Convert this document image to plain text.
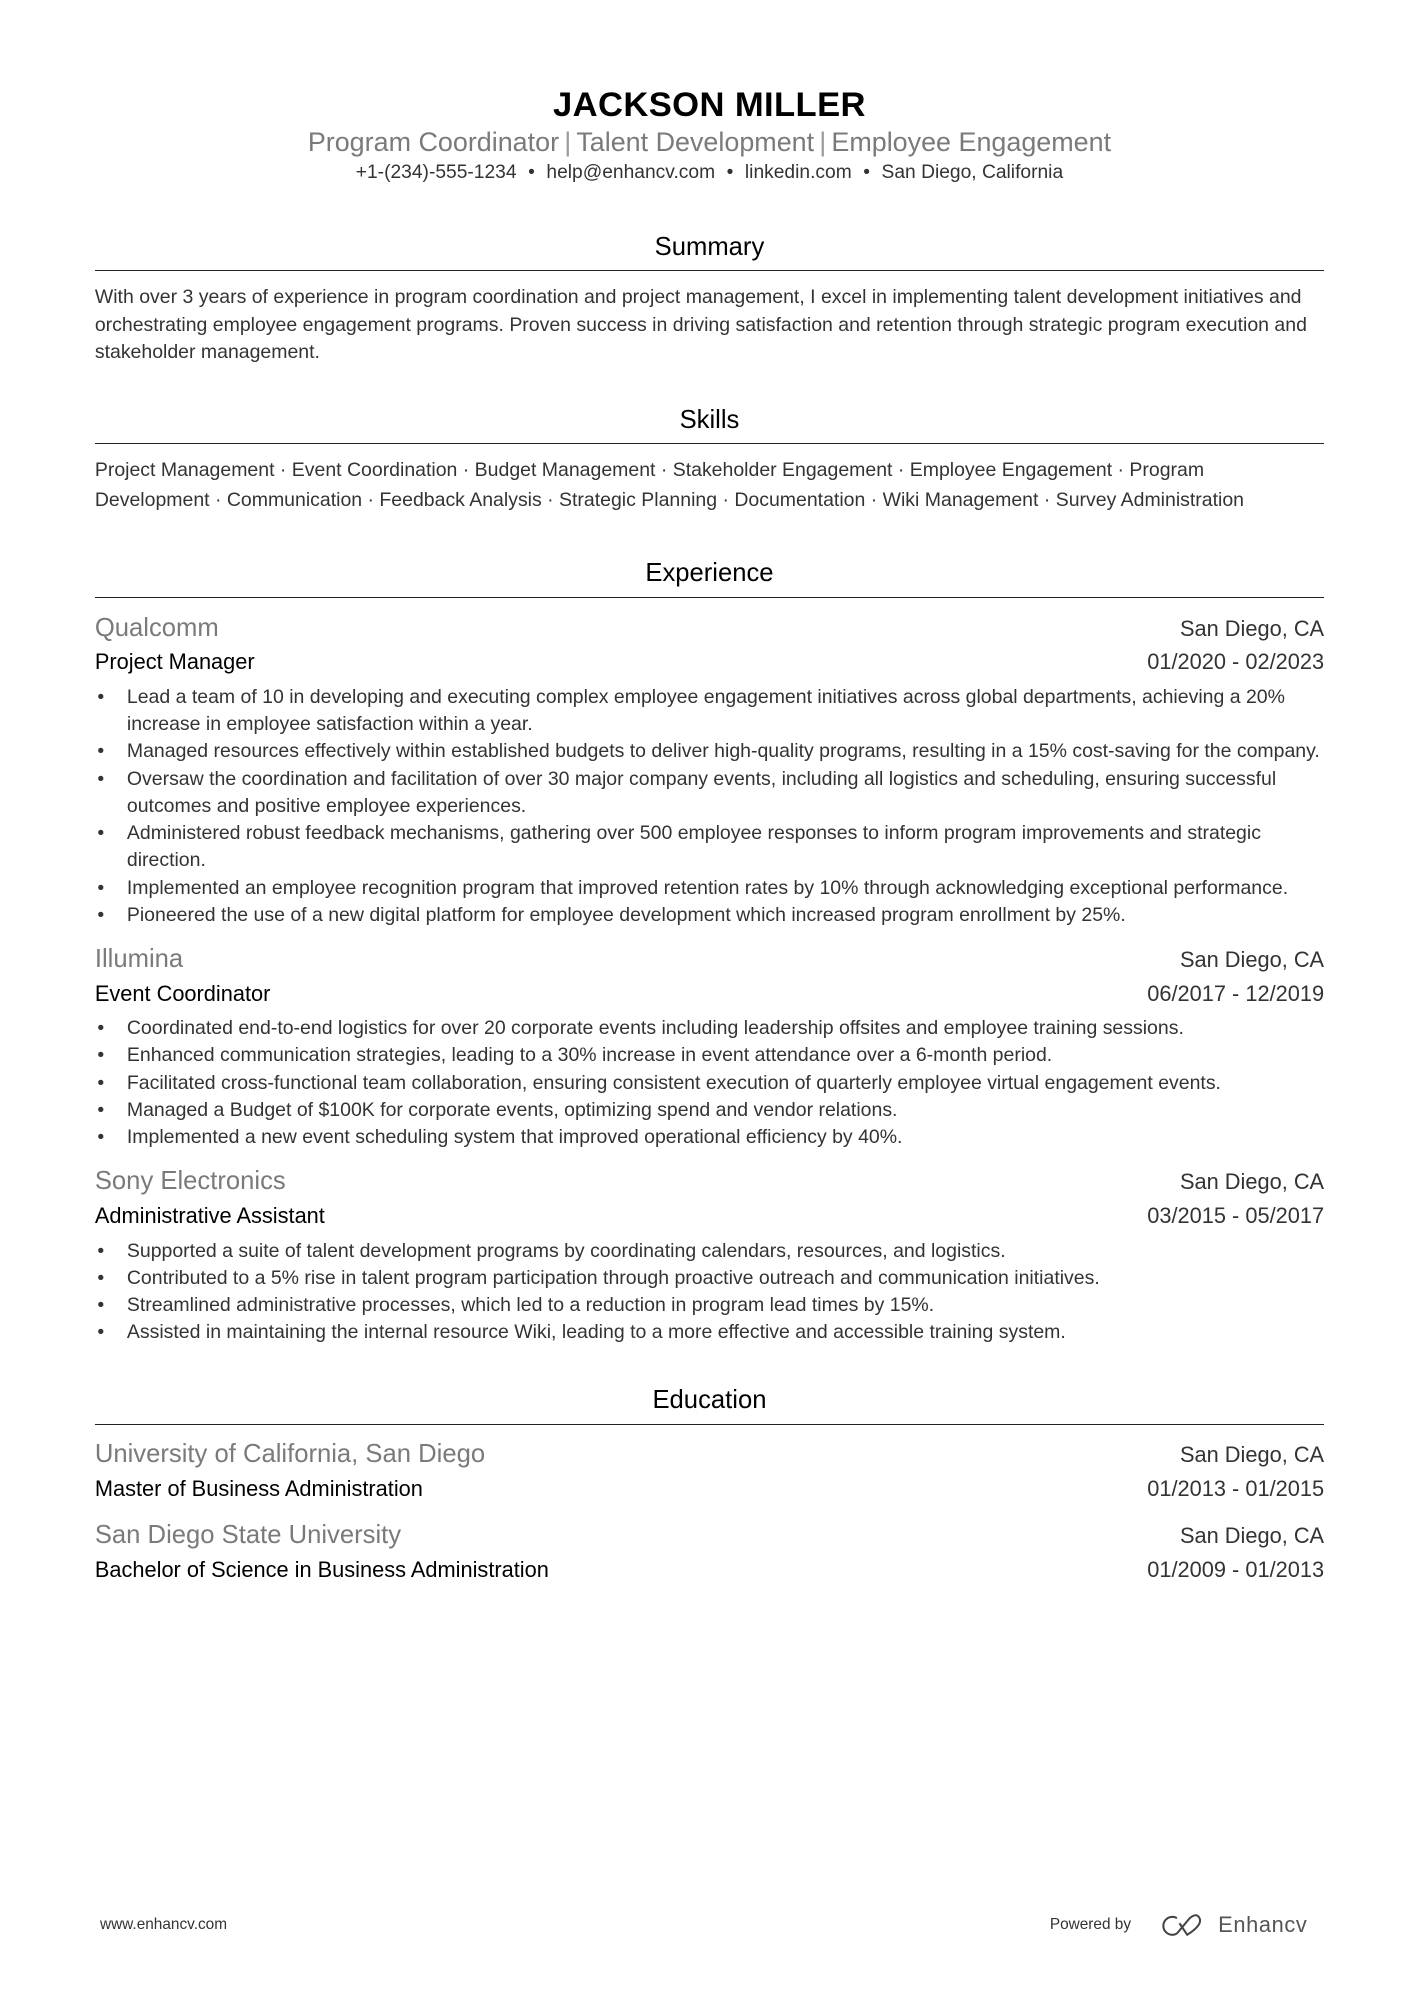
JACKSON MILLER
Program Coordinator | Talent Development | Employee Engagement
+1-(234)-555-1234 • help@enhancv.com • linkedin.com • San Diego, California
Summary
With over 3 years of experience in program coordination and project management, I excel in implementing talent development initiatives and orchestrating employee engagement programs. Proven success in driving satisfaction and retention through strategic program execution and stakeholder management.
Skills
Project Management · Event Coordination · Budget Management · Stakeholder Engagement · Employee Engagement · Program Development · Communication · Feedback Analysis · Strategic Planning · Documentation · Wiki Management · Survey Administration
Experience
Qualcomm	San Diego, CA
Project Manager	01/2020 - 02/2023
• Lead a team of 10 in developing and executing complex employee engagement initiatives across global departments, achieving a 20% increase in employee satisfaction within a year.
• Managed resources effectively within established budgets to deliver high-quality programs, resulting in a 15% cost-saving for the company.
• Oversaw the coordination and facilitation of over 30 major company events, including all logistics and scheduling, ensuring successful outcomes and positive employee experiences.
• Administered robust feedback mechanisms, gathering over 500 employee responses to inform program improvements and strategic direction.
• Implemented an employee recognition program that improved retention rates by 10% through acknowledging exceptional performance.
• Pioneered the use of a new digital platform for employee development which increased program enrollment by 25%.
Illumina	San Diego, CA
Event Coordinator	06/2017 - 12/2019
• Coordinated end-to-end logistics for over 20 corporate events including leadership offsites and employee training sessions.
• Enhanced communication strategies, leading to a 30% increase in event attendance over a 6-month period.
• Facilitated cross-functional team collaboration, ensuring consistent execution of quarterly employee virtual engagement events.
• Managed a Budget of $100K for corporate events, optimizing spend and vendor relations.
• Implemented a new event scheduling system that improved operational efficiency by 40%.
Sony Electronics	San Diego, CA
Administrative Assistant	03/2015 - 05/2017
• Supported a suite of talent development programs by coordinating calendars, resources, and logistics.
• Contributed to a 5% rise in talent program participation through proactive outreach and communication initiatives.
• Streamlined administrative processes, which led to a reduction in program lead times by 15%.
• Assisted in maintaining the internal resource Wiki, leading to a more effective and accessible training system.
Education
University of California, San Diego	San Diego, CA
Master of Business Administration	01/2013 - 01/2015
San Diego State University	San Diego, CA
Bachelor of Science in Business Administration	01/2009 - 01/2013
www.enhancv.com	Powered by	Enhancv
